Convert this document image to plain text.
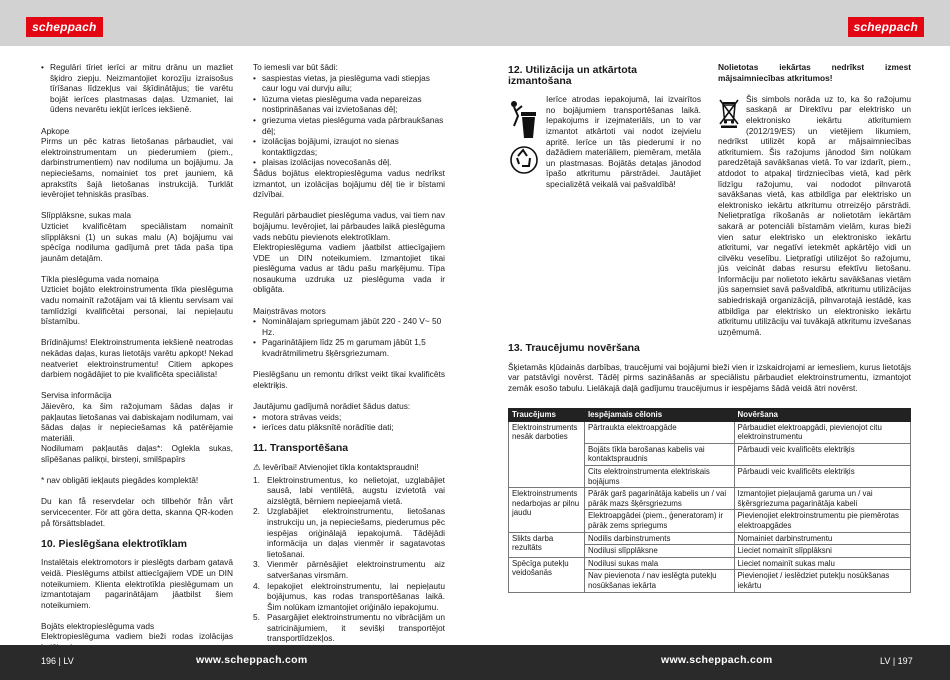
scheppach	scheppach
• Regulāri tīriet ierīci ar mitru drānu un mazliet šķidro ziepju. Neizmantojiet korozīju izraisošus tīrīšanas līdzekļus vai šķīdinātājus; tie varētu bojāt ierīces plastmasas daļas. Uzmaniet, lai ūdens nevarētu iekļūt ierīces iekšienē.

Apkope
Pirms un pēc katras lietošanas pārbaudiet, vai elektroinstrumentam un piederumiem (piem., darbinstrumentiem) nav nodiluma un bojājumu. Ja nepieciešams, nomainiet tos pret jauniem, kā aprakstīts šajā lietošanas instrukcijā. Turklāt ievērojiet tehniskās prasības.

Slīpplāksne, sukas mala
Uzticiet kvalificētam speciālistam nomainīt slīpplāksni (1) un sukas malu (A) bojājumu vai spēcīga nodiluma gadījumā pret tāda paša tipa jaunām detaļām.

Tīkla pieslēguma vada nomaiņa
Uzticiet bojāto elektroinstrumenta tīkla pieslēguma vadu nomainīt ražotājam vai tā klientu servisam vai tamlīdzīgi kvalificētai personai, lai nepieļautu bīstamību.

Brīdinājums! Elektroinstrumenta iekšienē neatrodas nekādas daļas, kuras lietotājs varētu apkopt! Nekad neatveriet elektroinstrumentu! Citiem apkopes darbiem nogādājiet to pie kvalificēta speciālista!

Servisa informācija
Jāievēro, ka šim ražojumam šādas daļas ir pakļautas lietošanas vai dabiskajam nodilumam, vai šādas daļas ir nepieciešamas kā patērējamie materiāli.
Nodilumam pakļautās daļas*: Ogleklа sukas, slīpēšanas palikņi, birsteņi, smilšpapīrs

* nav obligāti iekļauts piegādes komplektā!

Du kan få reservdelar och tillbehör från vårt servicecenter. För att göra detta, skanna QR-koden på försättsbladet.

10. Pieslēgšana elektrotīklam

Instalētais elektromotors ir pieslēgts darbam gatavā veidā. Pieslēgums atbilst attiecīgajiem VDE un DIN noteikumiem. Klienta elektrotīkla pieslēgumam un izmantotajam pagarinātājam jāatbilst šiem noteikumiem.

Bojāts elektropieslēguma vads
Elektropieslēguma vadiem bieži rodas izolācijas

To iemesli var būt šādi:
• saspiestas vietas, ja pieslēguma vadi stiepjas caur logu vai durvju ailu;
• lūzuma vietas pieslēguma vada nepareizas nostiprināšanas vai izvietošanas dēļ;
• griezuma vietas pieslēguma vada pārbraukšanas dēļ;
• izolācijas bojājumi, izraujot no sienas kontaktligzdas;
• plaisas izolācijas novecošanās dēļ.

Šādus bojātus elektropieslēguma vadus nedrīkst izmantot, un izolācijas bojājumu dēļ tie ir bīstami dzīvībai.

Regulāri pārbaudiet pieslēguma vadus, vai tiem nav bojājumu. Ievērojiet, lai pārbaudes laikā pieslēguma vads nebūtu pievienots elektrotīklam.
Elektropieslēguma vadiem jāatbilst attiecīgajiem VDE un DIN noteikumiem. Izmantojiet tikai pieslēguma vadus ar tādu pašu marķējumu. Tīpa nosaukuma uzdruka uz pieslēguma vada ir obligāta.

Maiņstrāvas motors
• Nominālajam spriegumam jābūt 220 - 240 V~ 50 Hz.
• Pagarinātājiem līdz 25 m garumam jābūt 1,5 kvadrātmilimetru šķērsgriezumam.

Pieslēgšanu un remontu drīkst veikt tikai kvalificēts elektriķis.

Jautājumu gadījumā norādiet šādus datus:
• motora strāvas veids;
• ierīces datu plāksnītē norādītie dati;
11. Transportēšana
⚠ Ievērībai! Atvienojiet tīkla kontaktspraudni!
1. Elektroinstrumentus, ko nelietojat, uzglabājiet sausā, labi ventilētā, augstu izvietotā vai aizslēgtā, bērniem nepieejamā vietā.
2. Uzglabājiet elektroinstrumentu, lietošanas instrukciju un, ja nepieciešams, piederumus pēc iespējas oriģinālajā iepakojumā. Tādējādi informācija un daļas vienmēr ir sagatavotas lietošanai.
3. Vienmēr pārnēsājiet elektroinstrumentu aiz satveršanas virsmām.
4. Iepakojiet elektroinstrumentu, lai nepieļautu bojājumus, kas rodas transportēšanas laikā. Šim nolūkam izmantojiet oriģinālo iepakojumu.
5. Pasargājiet elektroinstrumentu no vibrācijām un satricinājumiem, it sevišķi transportējot transportlīdzekļos.
12. Utilizācija un atkārtota izmantošana

Ierīce atrodas iepakojumā, lai izvairītos no bojājumiem transportēšanas laikā. Iepakojums ir izejmateriāls, un to var izmantot atkārtoti vai nodot izejvielu apritē. Ierīce un tās piederumi ir no dažādiem materiāliem, piemēram, metāla un plastmasas. Bojātās detaļas jānodod īpašo atkritumu pārstrādei. Jautājiet specializētā veikalā vai pašvaldībā!

Nolietotas iekārtas nedrīkst izmest mājsaimniecības atkritumos!

Šis simbols norāda uz to, ka šo ražojumu saskaņā ar Direktīvu par elektrisko un elektronisko iekārtu atkritumiem (2012/19/ES) un vietējiem likumiem, nedrīkst utilizēt kopā ar mājsaimniecības atkritumiem. Šis ražojums jānodod šim nolūkam paredzētajā savākšanas vietā. To var izdarīt, piem., atdodot to atpakaļ tirdzniecības vietā, kad pērk līdzīgu ražojumu, vai nododot pilnvarotā savākšanas vietā, kas atbildīga par elektrisko un elektronisko iekārtu atkritumu otrreizējo pārstrādi. Nelietpratīga rīkošanās ar nolietotām iekārtām sakarā ar potenciāli bīstamām vielām, kuras bieži vien satur elektrisko un elektronisko iekārtu atkritumi, var negatīvi ietekmēt apkārtējo vidi un cilvēku veselību. Lietpratīgi utilizējot šo ražojumu, jūs veicināt dabas resursu efektīvu lietošanu. Informāciju par nolietoto iekārtu savākšanas vietām jūs saņemsiet savā pašvaldībā, atkritumu utilizācijas sabiedriskajā organizācijā, pilnvarotajā iestādē, kas atbildīga par elektrisko un elektronisko iekārtu atkritumu utilizāciju vai tuvākajā atkritumu izvešanas uzņēmumā.

13. Traucējumu novēršana

Šķietamās kļūdainās darbības, traucējumi vai bojājumi bieži vien ir izskaidrojami ar iemesliem, kurus lietotājs var patstāvīgi novērst. Tādēļ pirms sazināšanās ar speciālistu pārbaudiet elektroinstrumentu, izmantojot zemāk esošo tabulu. Lielākajā daļā gadījumu traucējumus ir iespējams šādā veidā ātri novērst.

Traucējums	Iespējamais cēlonis	Novēršana
Elektroinstruments nesāk darboties	Pārtraukta elektroapgāde	Pārbaudiet elektroapgādi, pievienojot citu elektroinstrumentu
	Bojāts tīkla barošanas kabelis vai kontaktspraudnis	Pārbaudi veic kvalificēts elektriķis
	Cits elektroinstrumenta elektriskais bojājums	Pārbaudi veic kvalificēts elektriķis
Elektroinstruments nedarbojas ar pilnu jaudu	Pārāk garš pagarinātāja kabelis un / vai pārāk mazs šķērsgriezums	Izmantojiet pieļaujamā garuma un / vai šķērsgriezuma pagarinātāja kabeli
	Elektroapgādei (piem., ģeneratoram) ir pārāk zems spriegums	Pievienojiet elektroinstrumentu pie piemērotas elektroapgādes
Slikts darba rezultāts	Nodilis darbinstruments	Nomainiet darbinstrumentu
	Nodilusi slīpplāksne	Liеciet nomainīt slīpplāksni
Spēcīga putekļu veidošanās	Nodilusi sukas mala	Liеciet nomainīt sukas malu
	Nav pievienota / nav ieslēgta putekļu nosūkšanas iekārta	Pievienojiet / ieslēdziet putekļu nosūkšanas iekārtu
196 | LV	www.scheppach.com	www.scheppach.com	LV | 197
